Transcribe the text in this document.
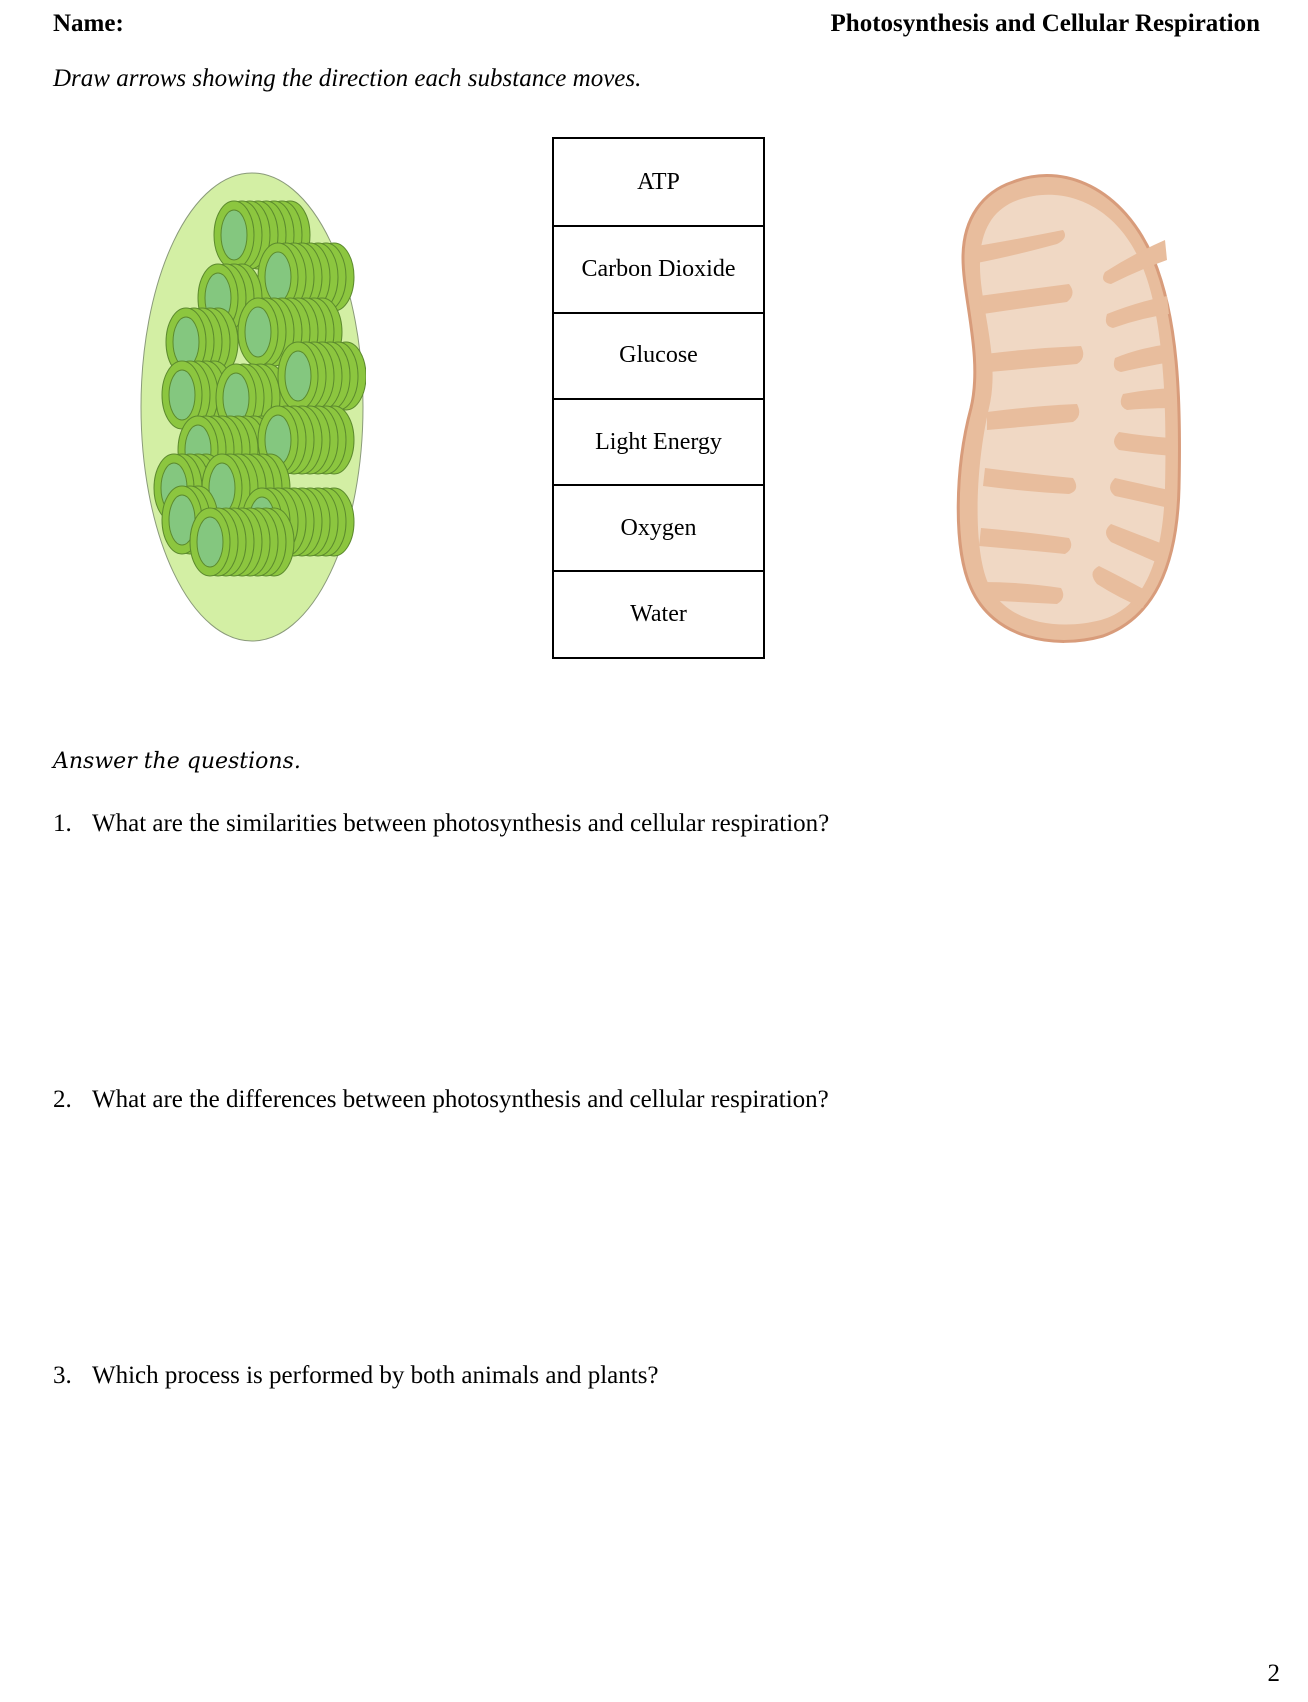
Name:	Photosynthesis and Cellular Respiration
Draw arrows showing the direction each substance moves.
ATP
Carbon Dioxide
Glucose
Light Energy
Oxygen
Water
Answer the questions.
1. What are the similarities between photosynthesis and cellular respiration?
2. What are the differences between photosynthesis and cellular respiration?
3. Which process is performed by both animals and plants?
2
